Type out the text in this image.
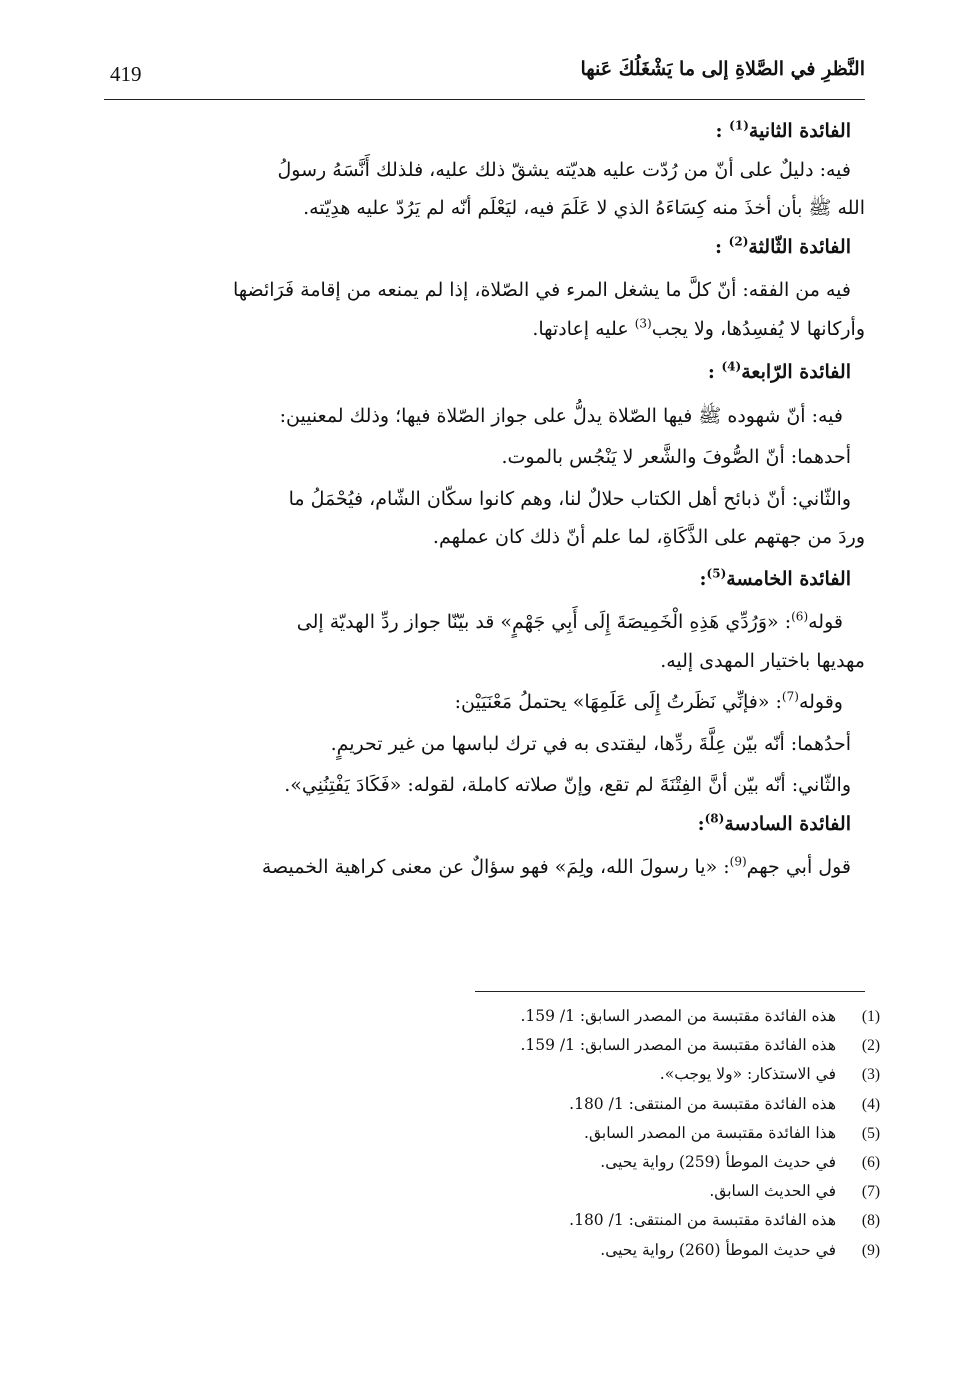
419	النَّظرِ في الصَّلاةِ إلى ما يَشْغَلُكَ عَنها

الفائدة الثانية$^{(1)}$ :

فيه: دليلٌ على أنّ من رُدّت عليه هديّته يشقّ ذلك عليه، فلذلك أَنَّسَهُ رسولُ
الله ﷺ بأن أخذَ منه كِسَاءَهُ الذي لا عَلَمَ فيه، ليَعْلَم أنّه لم يَرُدّ عليه هدِيّته.

الفائدة الثّالثة$^{(2)}$ :

فيه من الفقه: أنّ كلَّ ما يشغل المرء في الصّلاة، إذا لم يمنعه من إقامة فَرَائضها
وأركانها لا يُفسِدُها، ولا يجب$^{(3)}$ عليه إعادتها.

الفائدة الرّابعة$^{(4)}$ :

فيه: أنّ شهوده ﷺ فيها الصّلاة يدلُّ على جواز الصّلاة فيها؛ وذلك لمعنيين:

أحدهما: أنّ الصُّوفَ والشَّعر لا يَنْجُس بالموت.

والثّاني: أنّ ذبائح أهل الكتاب حلالٌ لنا، وهم كانوا سكّان الشّام، فيُحْمَلُ ما
وردَ من جهتهم على الذَّكَاةِ، لما علم أنّ ذلك كان عملهم.

الفائدة الخامسة$^{(5)}$:

قوله$^{(6)}$: «وَرُدِّي هَذِهِ الْخَمِيصَةَ إِلَى أَبِي جَهْمٍ» قد بيّنّا جواز ردِّ الهديّة إلى
مهديها باختيار المهدى إليه.

وقوله$^{(7)}$: «فإنِّي نَظَرتُ إِلَى عَلَمِهَا» يحتملُ مَعْنَيَيْن:

أحدُهما: أنّه بيّن عِلَّةَ ردِّها، ليقتدى به في ترك لباسها من غير تحريمٍ.

والثّاني: أنّه بيّن أنَّ الفِتْنَةَ لم تقع، وإنّ صلاته كاملة، لقوله: «فَكَادَ يَفْتِنُنِي».

الفائدة السادسة$^{(8)}$:

قول أبي جهم$^{(9)}$: «يا رسولَ الله، ولِمَ» فهو سؤالٌ عن معنى كراهية الخميصة

(1)هذه الفائدة مقتبسة من المصدر السابق: 1/ 159.
(2)هذه الفائدة مقتبسة من المصدر السابق: 1/ 159.
(3)في الاستذكار: «ولا يوجب».
(4)هذه الفائدة مقتبسة من المنتقى: 1/ 180.
(5)هذا الفائدة مقتبسة من المصدر السابق.
(6)في حديث الموطأ (259) رواية يحيى.
(7)في الحديث السابق.
(8)هذه الفائدة مقتبسة من المنتقى: 1/ 180.
(9)في حديث الموطأ (260) رواية يحيى.
